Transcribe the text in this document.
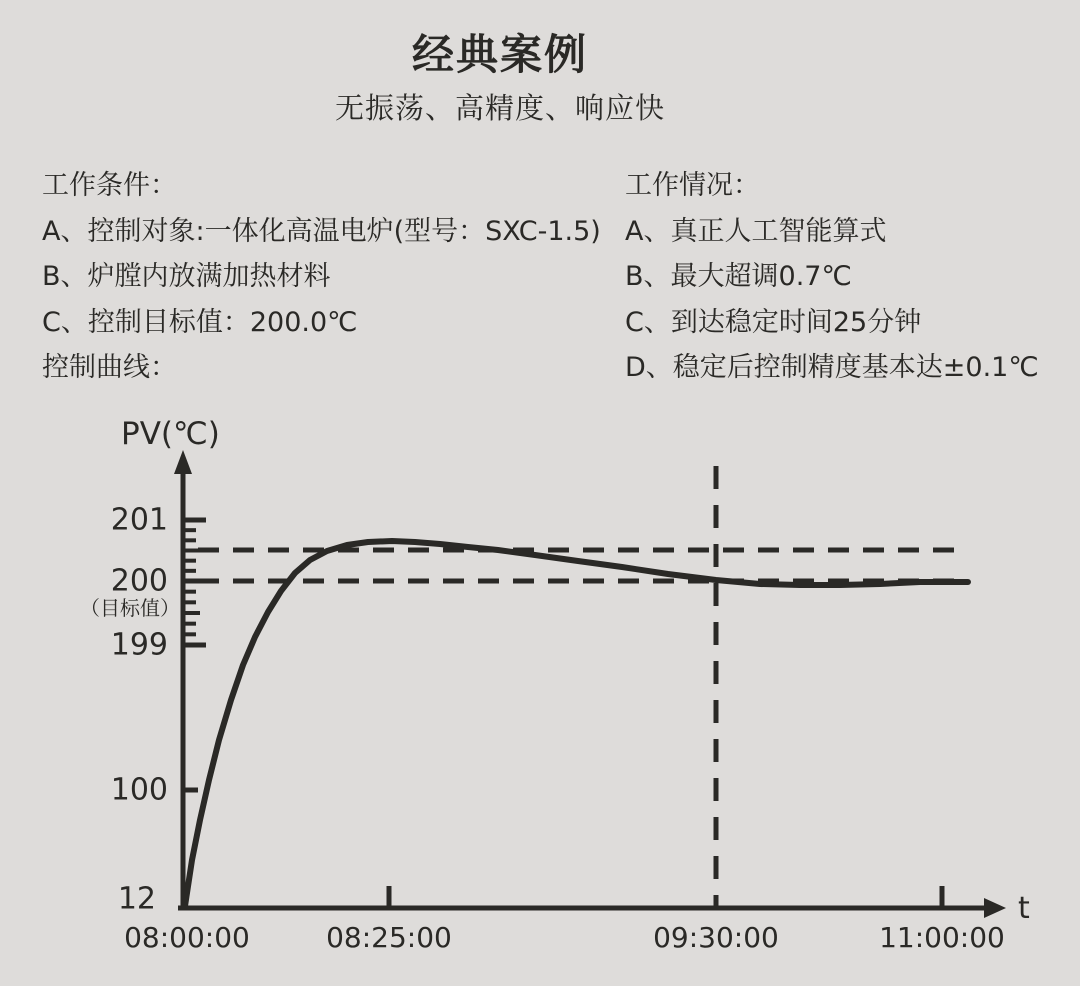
经典案例
无振荡、高精度、响应快
工作条件：
A、控制对象:一体化高温电炉(型号：SXC-1.5)
B、炉膛内放满加热材料
C、控制目标值：200.0℃
控制曲线：
工作情况：
A、真正人工智能算式
B、最大超调0.7℃
C、到达稳定时间25分钟
D、稳定后控制精度基本达±0.1℃
PV(℃)
t
201
200
199
100
（目标值）
12
08:00:00	08:25:00	09:30:00	11:00:00
